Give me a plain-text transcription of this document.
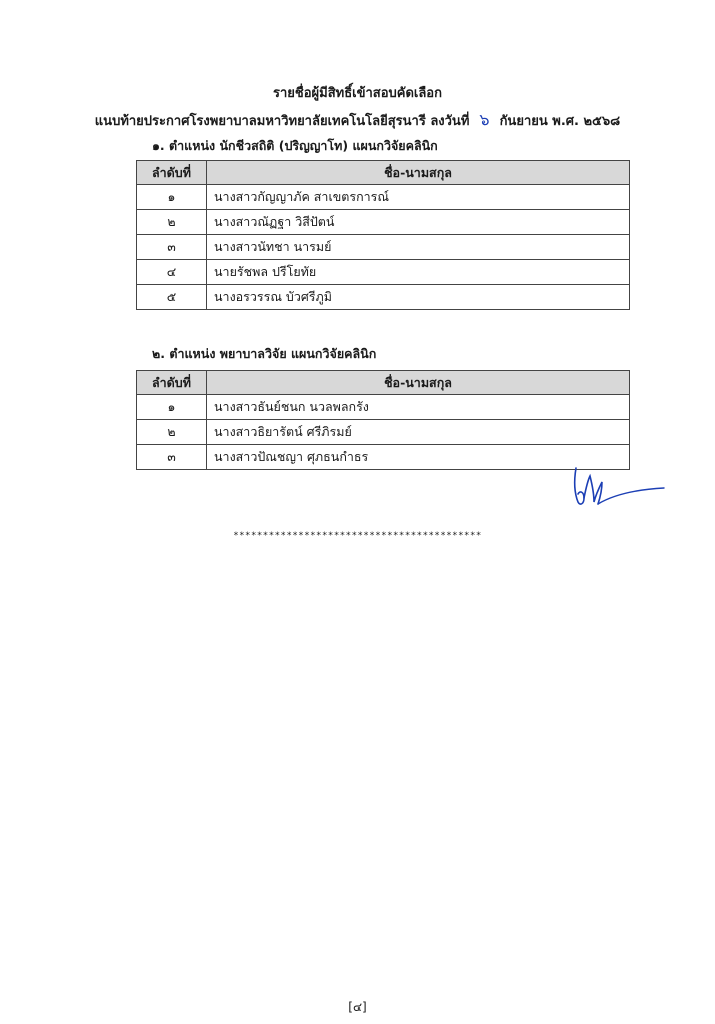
รายชื่อผู้มีสิทธิ์เข้าสอบคัดเลือก
แนบท้ายประกาศโรงพยาบาลมหาวิทยาลัยเทคโนโลยีสุรนารี ลงวันที่ ๖ กันยายน พ.ศ. ๒๕๖๘
๑. ตำแหน่ง นักชีวสถิติ (ปริญญาโท) แผนกวิจัยคลินิก
ลำดับที่	ชื่อ-นามสกุล
๑	นางสาวกัญญาภัค สาเขตรการณ์
๒	นางสาวณัฏฐา วิสีปัตน์
๓	นางสาวนัทชา นารมย์
๔	นายรัชพล ปรีโยทัย
๕	นางอรวรรณ บัวศรีภูมิ
๒. ตำแหน่ง พยาบาลวิจัย แผนกวิจัยคลินิก
ลำดับที่	ชื่อ-นามสกุล
๑	นางสาวธันย์ชนก นวลพลกรัง
๒	นางสาวธิยารัตน์ ศรีภิรมย์
๓	นางสาวปัณชญา ศุภธนกำธร
******************************************
[๔]
